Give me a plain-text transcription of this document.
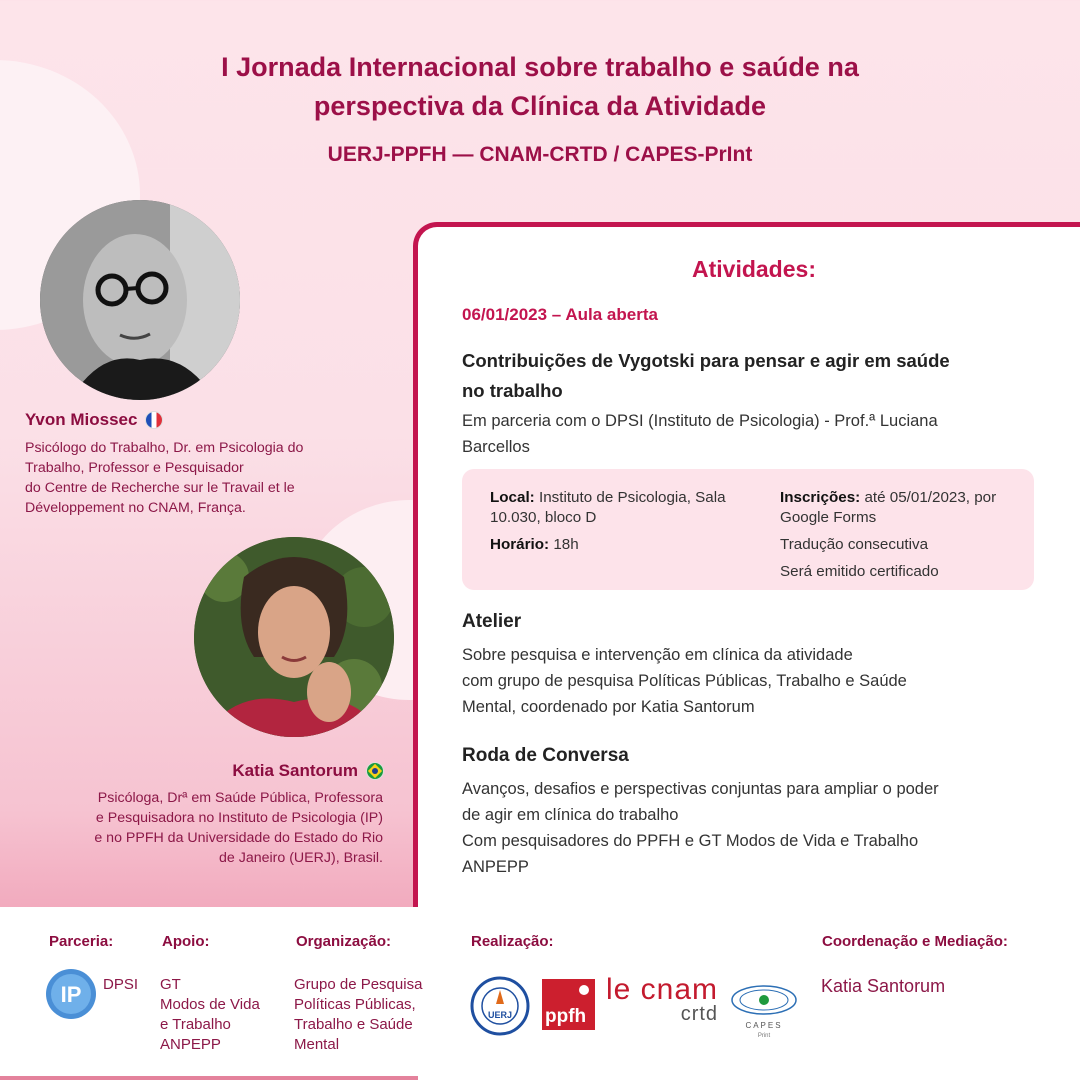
I Jornada Internacional sobre trabalho e saúde na
perspectiva da Clínica da Atividade
UERJ-PPFH — CNAM-CRTD / CAPES-PrInt
Yvon Miossec
Psicólogo do Trabalho, Dr. em Psicologia do
Trabalho, Professor e Pesquisador
do Centre de Recherche sur le Travail et le
Développement no CNAM, França.
Katia Santorum
Psicóloga, Drª em Saúde Pública, Professora
e Pesquisadora no Instituto de Psicologia (IP)
e no PPFH da Universidade do Estado do Rio
de Janeiro (UERJ), Brasil.
Atividades:
06/01/2023 – Aula aberta
Contribuições de Vygotski para pensar e agir em saúde
no trabalho
Em parceria com o DPSI (Instituto de Psicologia) - Prof.ª Luciana
Barcellos

Local: Instituto de Psicologia, Sala 10.030, bloco D

Horário: 18h

Inscrições: até 05/01/2023, por Google Forms

Tradução consecutiva

Será emitido certificado

Atelier
Sobre pesquisa e intervenção em clínica da atividade
com grupo de pesquisa Políticas Públicas, Trabalho e Saúde
Mental, coordenado por Katia Santorum
Roda de Conversa
Avanços, desafios e perspectivas conjuntas para ampliar o poder
de agir em clínica do trabalho
Com pesquisadores do PPFH e GT Modos de Vida e Trabalho
ANPEPP
Parceria:
IP DPSI
Apoio:
GT
Modos de Vida
e Trabalho
ANPEPP
Organização:
Grupo de Pesquisa
Políticas Públicas,
Trabalho e Saúde
Mental
Realização:
UERJ ppfh
le cnam
crtd
CAPES
Print
Coordenação e Mediação:
Katia Santorum
